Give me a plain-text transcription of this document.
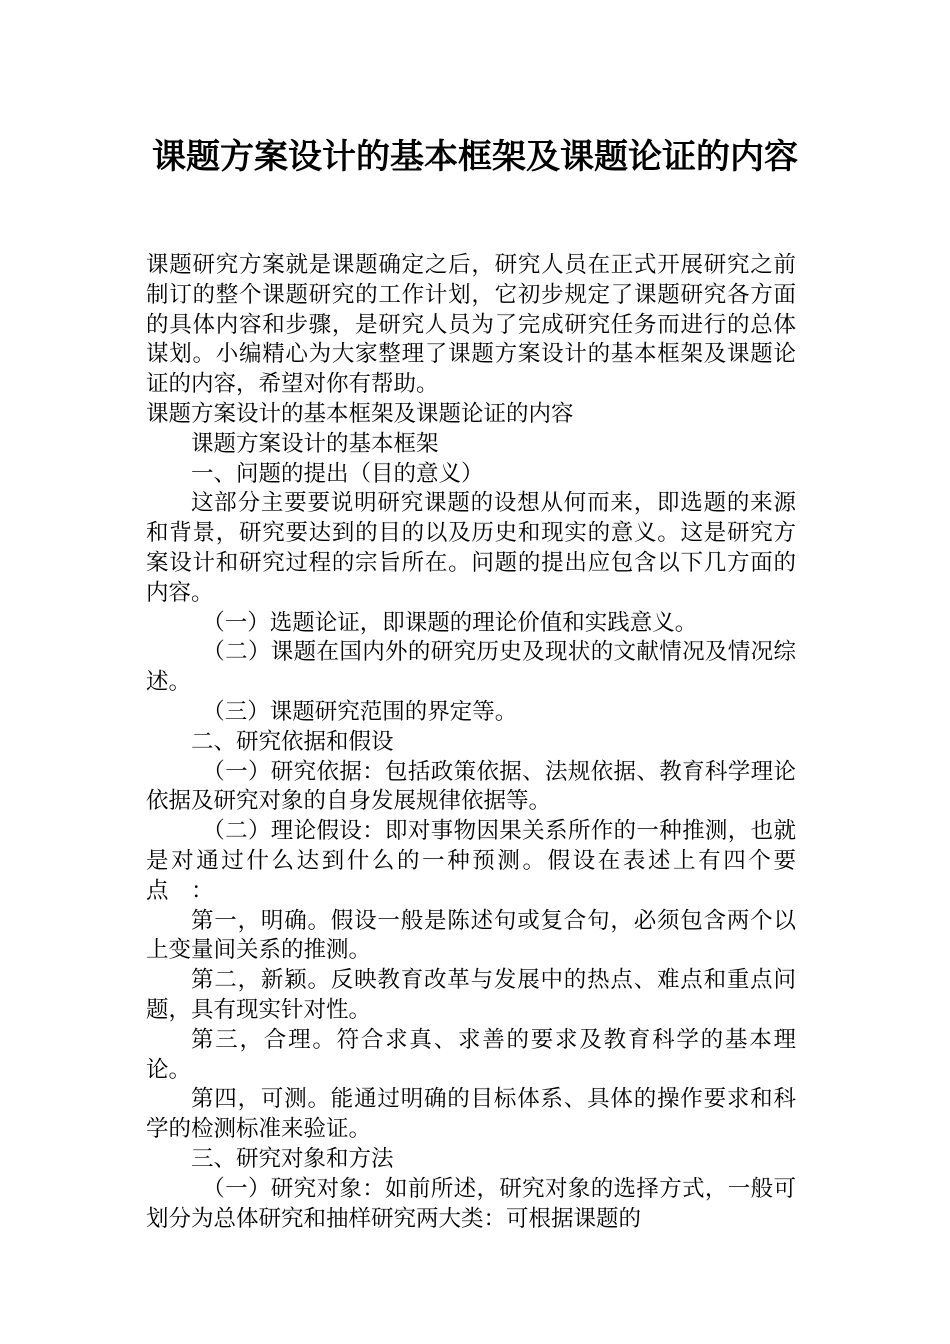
课题方案设计的基本框架及课题论证的内容

课题研究方案就是课题确定之后，研究人员在正式开展研究之前制订的整个课题研究的工作计划，它初步规定了课题研究各方面的具体内容和步骤，是研究人员为了完成研究任务而进行的总体谋划。小编精心为大家整理了课题方案设计的基本框架及课题论证的内容，希望对你有帮助。

课题方案设计的基本框架及课题论证的内容

课题方案设计的基本框架

一、问题的提出（目的意义）

这部分主要要说明研究课题的设想从何而来，即选题的来源和背景，研究要达到的目的以及历史和现实的意义。这是研究方案设计和研究过程的宗旨所在。问题的提出应包含以下几方面的内容。

（一）选题论证，即课题的理论价值和实践意义。

（二）课题在国内外的研究历史及现状的文献情况及情况综述。

（三）课题研究范围的界定等。

二、研究依据和假设

（一）研究依据：包括政策依据、法规依据、教育科学理论依据及研究对象的自身发展规律依据等。

（二）理论假设：即对事物因果关系所作的一种推测，也就是对通过什么达到什么的一种预测。假设在表述上有四个要点　：

第一，明确。假设一般是陈述句或复合句，必须包含两个以上变量间关系的推测。

第二，新颖。反映教育改革与发展中的热点、难点和重点问题，具有现实针对性。

第三，合理。符合求真、求善的要求及教育科学的基本理论。

第四，可测。能通过明确的目标体系、具体的操作要求和科学的检测标准来验证。

三、研究对象和方法

（一）研究对象：如前所述，研究对象的选择方式，一般可划分为总体研究和抽样研究两大类：可根据课题的
